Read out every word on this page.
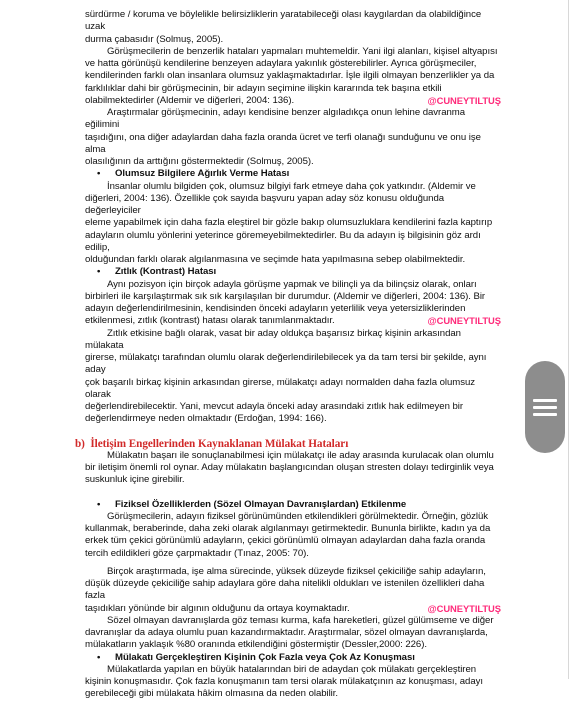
sürdürme / koruma ve böylelikle belirsizliklerin yaratabileceği olası kaygılardan da olabildiğince uzak

durma çabasıdır (Solmuş, 2005).

Görüşmecilerin de benzerlik hataları yapmaları muhtemeldir. Yani ilgi alanları, kişisel altyapısı

ve hatta görünüşü kendilerine benzeyen adaylara yakınlık gösterebilirler. Ayrıca görüşmeciler,

kendilerinden farklı olan insanlara olumsuz yaklaşmaktadırlar. İşle ilgili olmayan benzerlikler ya da

farklılıklar dahi bir görüşmecinin, bir adayın seçimine ilişkin kararında tek başına etkili

olabilmektedirler (Aldemir ve diğerleri, 2004: 136).	@CUNEYTILTUŞ

Araştırmalar görüşmecinin, adayı kendisine benzer algıladıkça onun lehine davranma eğilimini

taşıdığını, ona diğer adaylardan daha fazla oranda ücret ve terfi olanağı sunduğunu ve onu işe alma

olasılığının da arttığını göstermektedir (Solmuş, 2005).

• Olumsuz Bilgilere Ağırlık Verme Hatası

İnsanlar olumlu bilgiden çok, olumsuz bilgiyi fark etmeye daha çok yatkındır. (Aldemir ve

diğerleri, 2004: 136). Özellikle çok sayıda başvuru yapan aday söz konusu olduğunda değerleyiciler

eleme yapabilmek için daha fazla eleştirel bir gözle bakıp olumsuzluklara kendilerini fazla kaptırıp

adayların olumlu yönlerini yeterince göremeyebilmektedirler. Bu da adayın iş bilgisinin göz ardı edilip,

olduğundan farklı olarak algılanmasına ve seçimde hata yapılmasına sebep olabilmektedir.

• Zıtlık (Kontrast) Hatası

Aynı pozisyon için birçok adayla görüşme yapmak ve bilinçli ya da bilinçsiz olarak, onları

birbirleri ile karşılaştırmak sık sık karşılaşılan bir durumdur. (Aldemir ve diğerleri, 2004: 136). Bir

adayın değerlendirilmesinin, kendisinden önceki adayların yeterlilik veya yetersizliklerinden

etkilenmesi, zıtlık (kontrast) hatası olarak tanımlanmaktadır.	@CUNEYTILTUŞ

Zıtlık etkisine bağlı olarak, vasat bir aday oldukça başarısız birkaç kişinin arkasından mülakata

girerse, mülakatçı tarafından olumlu olarak değerlendirilebilecek ya da tam tersi bir şekilde, aynı aday

çok başarılı birkaç kişinin arkasından girerse, mülakatçı adayı normalden daha fazla olumsuz olarak

değerlendirebilecektir. Yani, mevcut adayla önceki aday arasındaki zıtlık hak edilmeyen bir

değerlendirmeye neden olmaktadır (Erdoğan, 1994: 166).

b) İletişim Engellerinden Kaynaklanan Mülakat Hataları

Mülakatın başarı ile sonuçlanabilmesi için mülakatçı ile aday arasında kurulacak olan olumlu

bir iletişim önemli rol oynar. Aday mülakatın başlangıcından oluşan stresten dolayı tedirginlik veya

suskunluk içine girebilir.

• Fiziksel Özelliklerden (Sözel Olmayan Davranışlardan) Etkilenme

Görüşmecilerin, adayın fiziksel görünümünden etkilendikleri görülmektedir. Örneğin, gözlük

kullanmak, beraberinde, daha zeki olarak algılanmayı getirmektedir. Bununla birlikte, kadın ya da

erkek tüm çekici görünümlü adayların, çekici görünümlü olmayan adaylardan daha fazla oranda

tercih edildikleri göze çarpmaktadır (Tınaz, 2005: 70).

Birçok araştırmada, işe alma sürecinde, yüksek düzeyde fiziksel çekiciliğe sahip adayların,

düşük düzeyde çekiciliğe sahip adaylara göre daha nitelikli oldukları ve istenilen özellikleri daha fazla

taşıdıkları yönünde bir algının olduğunu da ortaya koymaktadır.	@CUNEYTILTUŞ

Sözel olmayan davranışlarda göz teması kurma, kafa hareketleri, güzel gülümseme ve diğer

davranışlar da adaya olumlu puan kazandırmaktadır. Araştırmalar, sözel olmayan davranışlarda,

mülakatların yaklaşık %80 oranında etkilendiğini göstermiştir (Dessler,2000: 226).

• Mülakatı Gerçekleştiren Kişinin Çok Fazla veya Çok Az Konuşması

Mülakatlarda yapılan en büyük hatalarından biri de adaydan çok mülakatı gerçekleştiren

kişinin konuşmasıdır. Çok fazla konuşmanın tam tersi olarak mülakatçının az konuşması, adayı

gerebileceği gibi mülakata hâkim olmasına da neden olabilir.
